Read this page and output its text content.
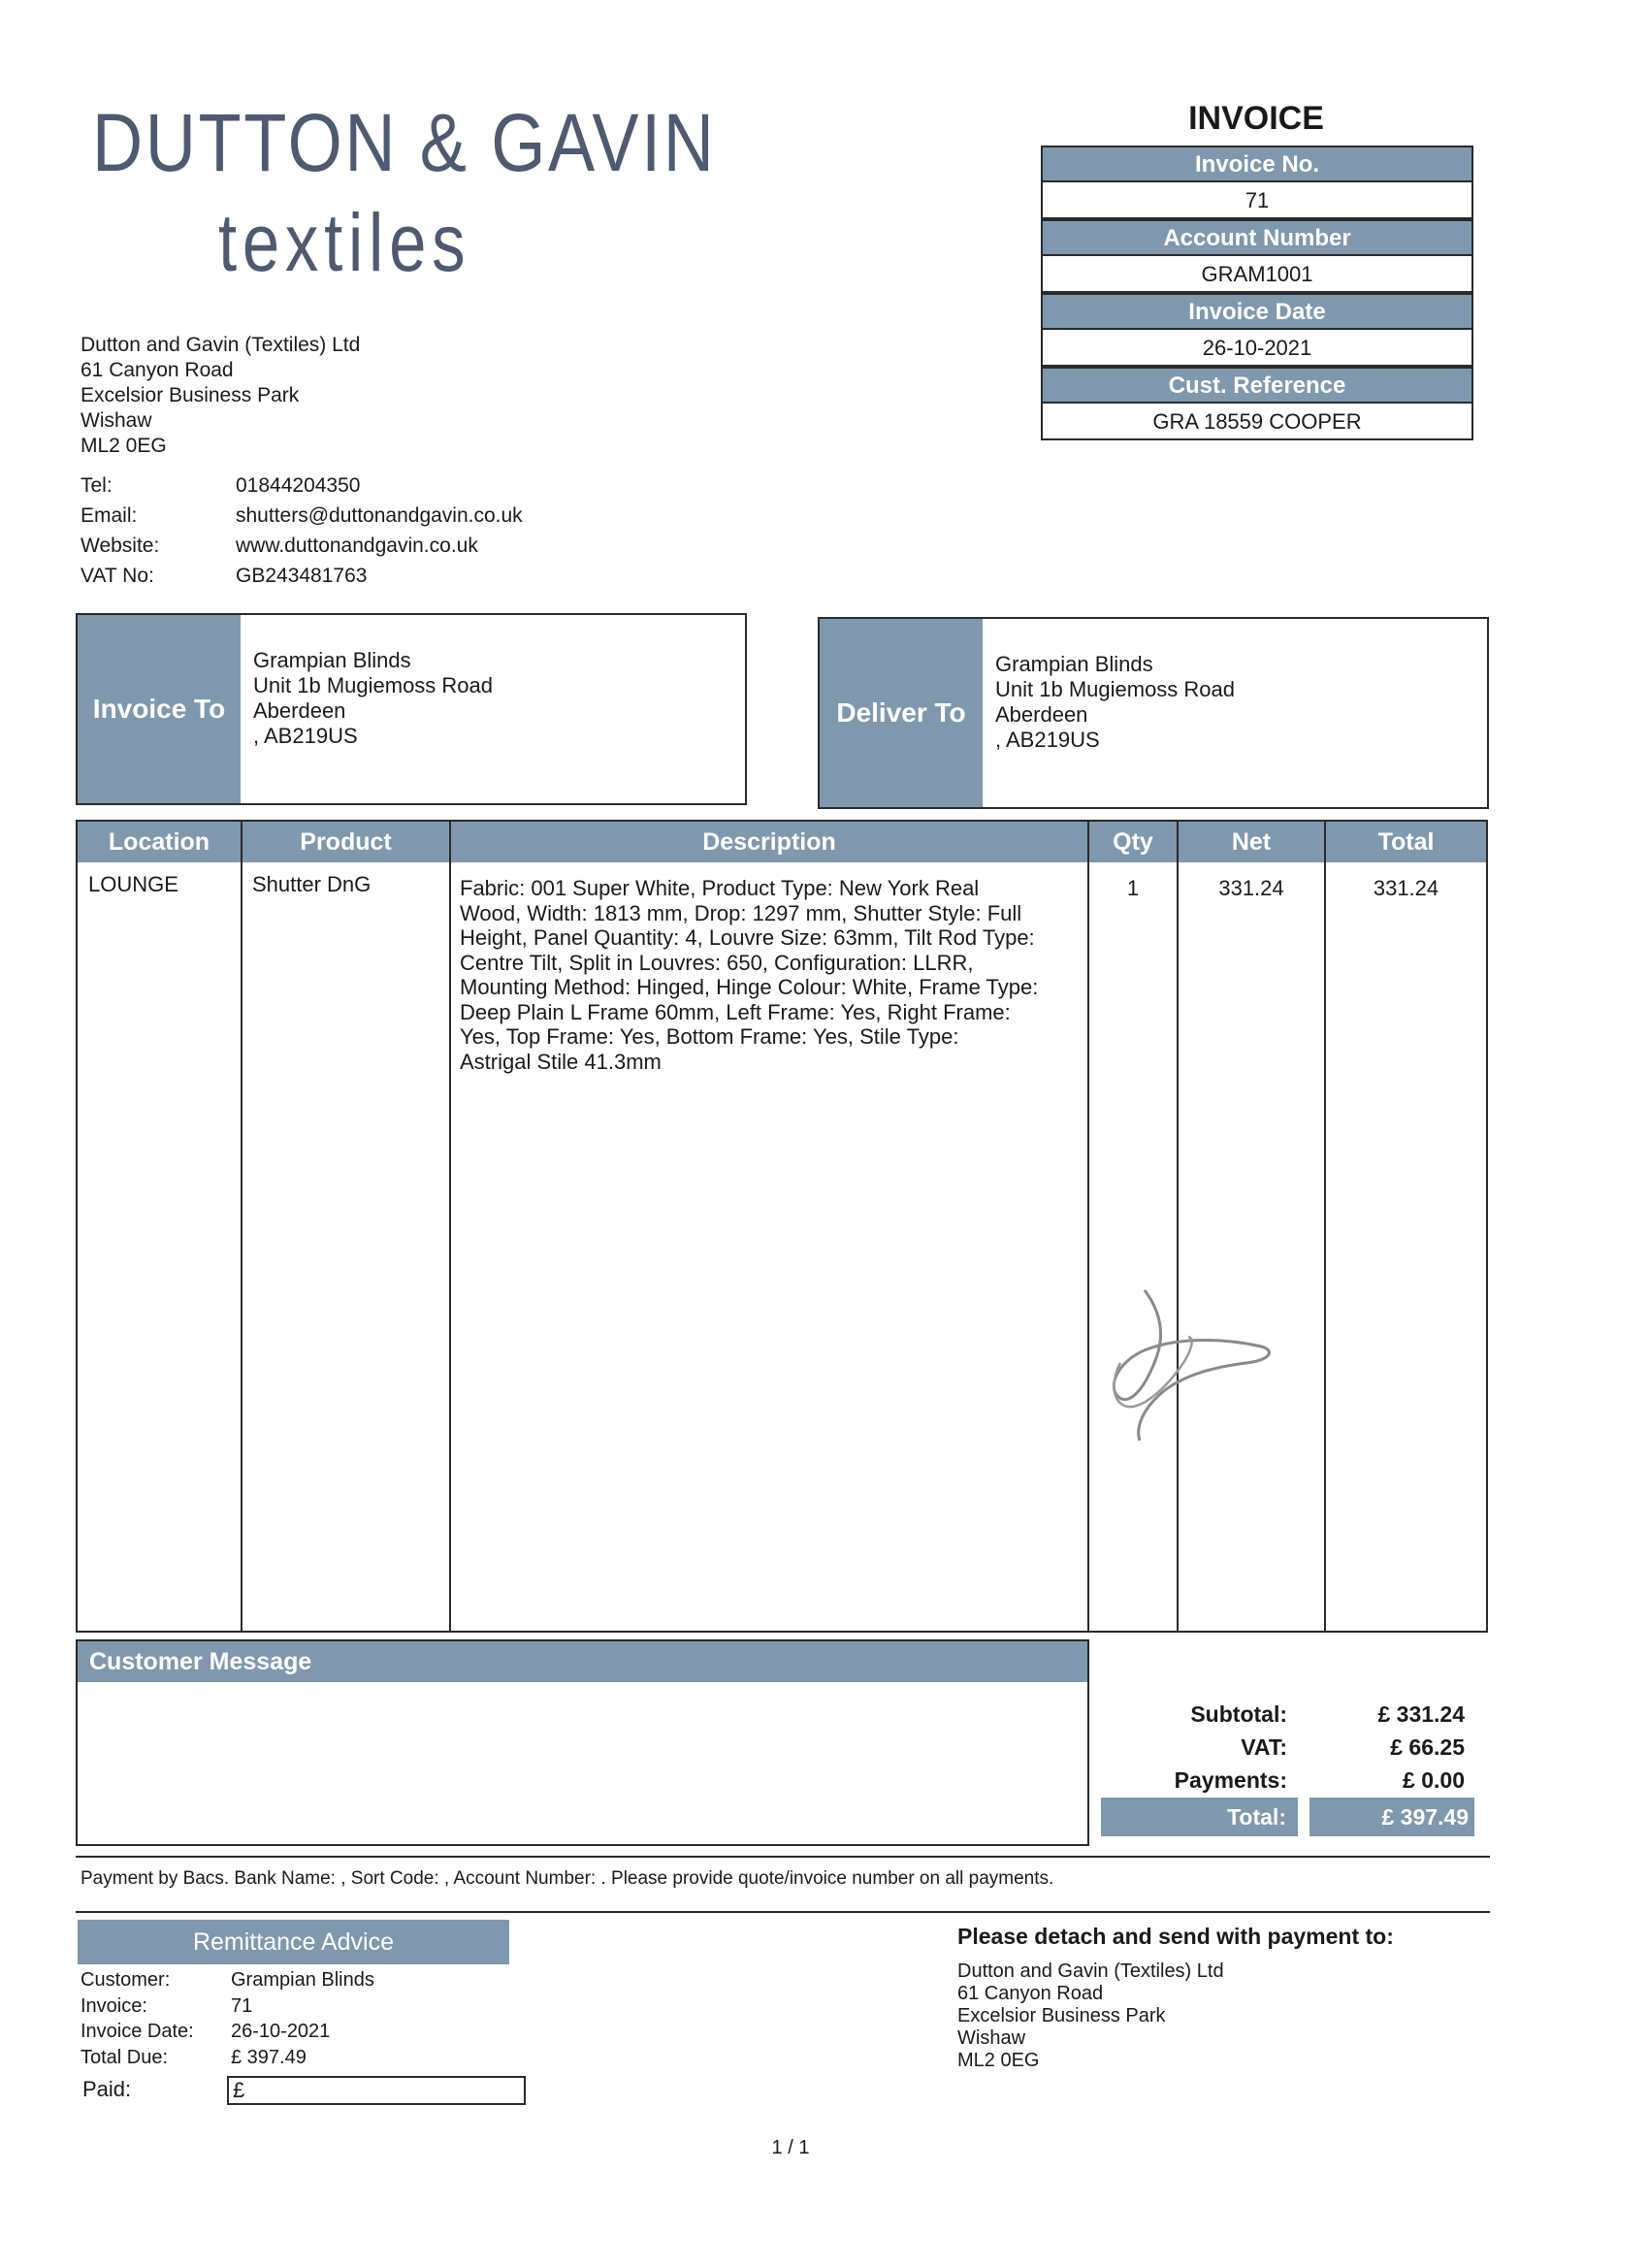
DUTTON & GAVIN
textiles
Dutton and Gavin (Textiles) Ltd
61 Canyon Road
Excelsior Business Park
Wishaw
ML2 0EG
Tel:	01844204350
Email:	shutters@duttonandgavin.co.uk
Website:	www.duttonandgavin.co.uk
VAT No:	GB243481763
INVOICE
Invoice No.
71
Account Number
GRAM1001
Invoice Date
26-10-2021
Cust. Reference
GRA 18559 COOPER
Invoice To
Grampian Blinds
Unit 1b Mugiemoss Road
Aberdeen
, AB219US
Deliver To
Grampian Blinds
Unit 1b Mugiemoss Road
Aberdeen
, AB219US
Location	Product	Description	Qty	Net	Total
LOUNGE	Shutter DnG	Fabric: 001 Super White, Product Type: New York Real
Wood, Width: 1813 mm, Drop: 1297 mm, Shutter Style: Full
Height, Panel Quantity: 4, Louvre Size: 63mm, Tilt Rod Type:
Centre Tilt, Split in Louvres: 650, Configuration: LLRR,
Mounting Method: Hinged, Hinge Colour: White, Frame Type:
Deep Plain L Frame 60mm, Left Frame: Yes, Right Frame:
Yes, Top Frame: Yes, Bottom Frame: Yes, Stile Type:
Astrigal Stile 41.3mm
1	331.24	331.24
Customer Message
Subtotal:	£ 331.24
VAT:	£ 66.25
Payments:	£ 0.00
Total:	£ 397.49
Payment by Bacs. Bank Name: , Sort Code: , Account Number: . Please provide quote/invoice number on all payments.
Remittance Advice
Customer:	Grampian Blinds
Invoice:	71
Invoice Date: 26-10-2021
Total Due:	£ 397.49
Paid:	£
Please detach and send with payment to:
Dutton and Gavin (Textiles) Ltd
61 Canyon Road
Excelsior Business Park
Wishaw
ML2 0EG
1 / 1
